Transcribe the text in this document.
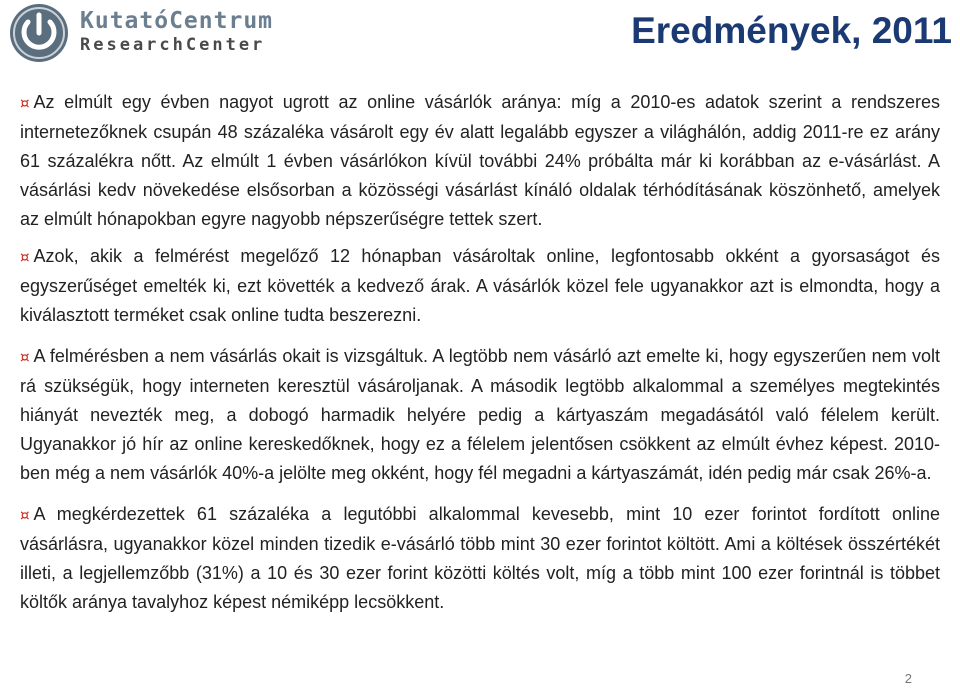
KutatóCentrum
ResearchCenter	Eredmények, 2011

¤ Az elmúlt egy évben nagyot ugrott az online vásárlók aránya: míg a 2010-es adatok szerint a rendszeres internetezőknek csupán 48 százaléka vásárolt egy év alatt legalább egyszer a világhálón, addig 2011-re ez arány 61 százalékra nőtt. Az elmúlt 1 évben vásárlókon kívül további 24% próbálta már ki korábban az e-vásárlást. A vásárlási kedv növekedése elsősorban a közösségi vásárlást kínáló oldalak térhódításának köszönhető, amelyek az elmúlt hónapokban egyre nagyobb népszerűségre tettek szert.

¤ Azok, akik a felmérést megelőző 12 hónapban vásároltak online, legfontosabb okként a gyorsaságot és egyszerűséget emelték ki, ezt követték a kedvező árak. A vásárlók közel fele ugyanakkor azt is elmondta, hogy a kiválasztott terméket csak online tudta beszerezni.

¤ A felmérésben a nem vásárlás okait is vizsgáltuk. A legtöbb nem vásárló azt emelte ki, hogy egyszerűen nem volt rá szükségük, hogy interneten keresztül vásároljanak. A második legtöbb alkalommal a személyes megtekintés hiányát nevezték meg, a dobogó harmadik helyére pedig a kártyaszám megadásától való félelem került. Ugyanakkor jó hír az online kereskedőknek, hogy ez a félelem jelentősen csökkent az elmúlt évhez képest. 2010-ben még a nem vásárlók 40%-a jelölte meg okként, hogy fél megadni a kártyaszámát, idén pedig már csak 26%-a.

¤ A megkérdezettek 61 százaléka a legutóbbi alkalommal kevesebb, mint 10 ezer forintot fordított online vásárlásra, ugyanakkor közel minden tizedik e-vásárló több mint 30 ezer forintot költött. Ami a költések összértékét illeti, a legjellemzőbb (31%) a 10 és 30 ezer forint közötti költés volt, míg a több mint 100 ezer forintnál is többet költők aránya tavalyhoz képest némiképp lecsökkent.

2
